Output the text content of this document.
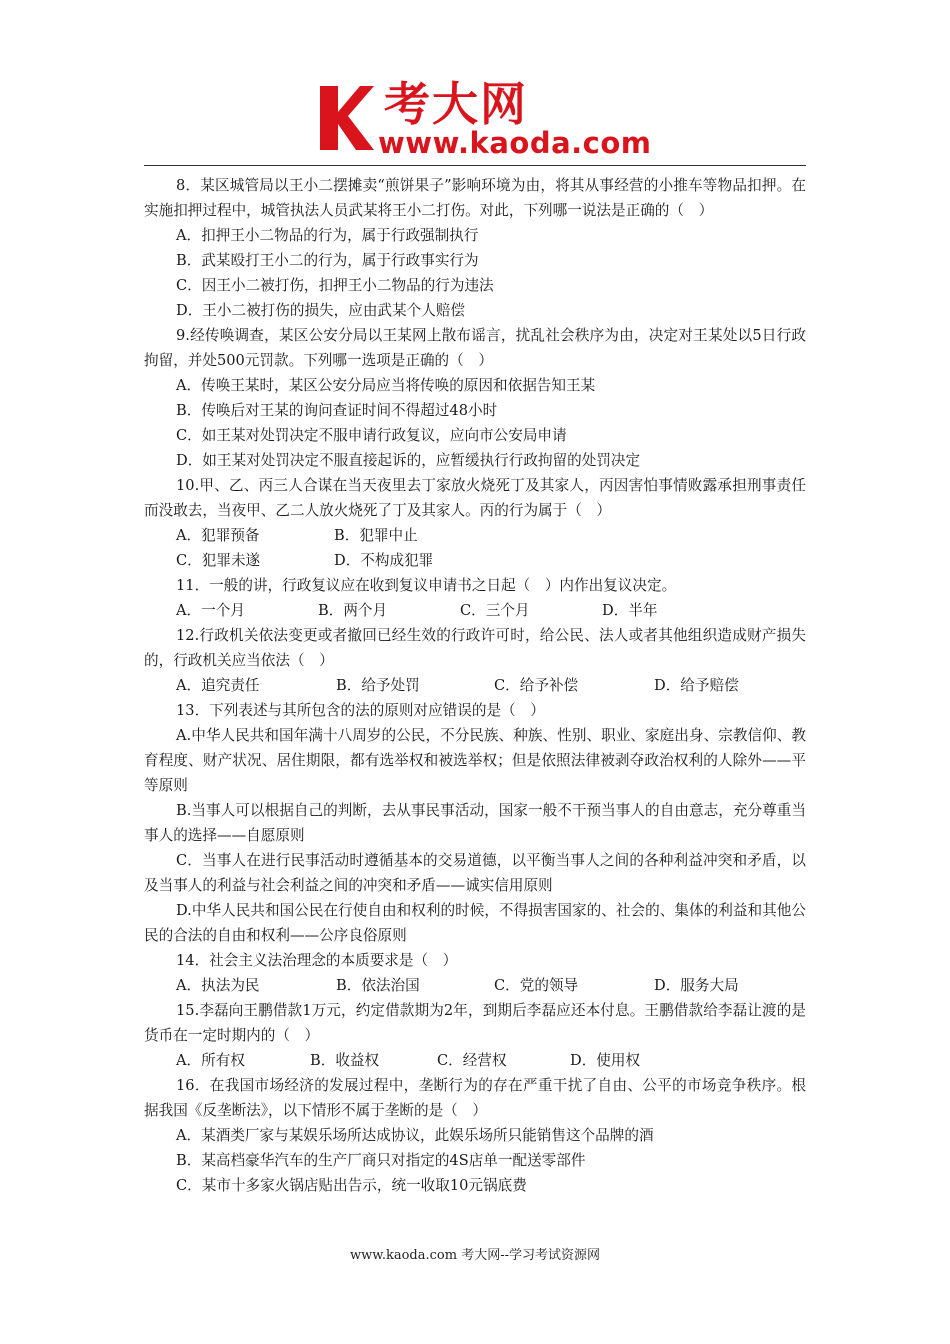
考大网
www.kaoda.com

8．某区城管局以王小二摆摊卖“煎饼果子”影响环境为由，将其从事经营的小推车等物品扣押。在实施扣押过程中，城管执法人员武某将王小二打伤。对此，下列哪一说法是正确的（　）

A．扣押王小二物品的行为，属于行政强制执行

B．武某殴打王小二的行为，属于行政事实行为

C．因王小二被打伤，扣押王小二物品的行为违法

D．王小二被打伤的损失，应由武某个人赔偿

9.经传唤调查，某区公安分局以王某网上散布谣言，扰乱社会秩序为由，决定对王某处以5日行政拘留，并处500元罚款。下列哪一选项是正确的（　）

A．传唤王某时，某区公安分局应当将传唤的原因和依据告知王某

B．传唤后对王某的询问查证时间不得超过48小时

C．如王某对处罚决定不服申请行政复议，应向市公安局申请

D．如王某对处罚决定不服直接起诉的，应暂缓执行行政拘留的处罚决定

10.甲、乙、丙三人合谋在当天夜里去丁家放火烧死丁及其家人，丙因害怕事情败露承担刑事责任而没敢去，当夜甲、乙二人放火烧死了丁及其家人。丙的行为属于（　）

A．犯罪预备	B．犯罪中止

C．犯罪未遂	D．不构成犯罪

11．一般的讲，行政复议应在收到复议申请书之日起（　）内作出复议决定。

A．一个月	B．两个月	C．三个月	D．半年

12.行政机关依法变更或者撤回已经生效的行政许可时，给公民、法人或者其他组织造成财产损失的，行政机关应当依法（　）

A．追究责任	B．给予处罚	C．给予补偿	D．给予赔偿

13．下列表述与其所包含的法的原则对应错误的是（　）

A.中华人民共和国年满十八周岁的公民，不分民族、种族、性别、职业、家庭出身、宗教信仰、教育程度、财产状况、居住期限，都有选举权和被选举权；但是依照法律被剥夺政治权利的人除外——平等原则

B.当事人可以根据自己的判断，去从事民事活动，国家一般不干预当事人的自由意志，充分尊重当事人的选择——自愿原则

C．当事人在进行民事活动时遵循基本的交易道德，以平衡当事人之间的各种利益冲突和矛盾，以及当事人的利益与社会利益之间的冲突和矛盾——诚实信用原则

D.中华人民共和国公民在行使自由和权利的时候，不得损害国家的、社会的、集体的利益和其他公民的合法的自由和权利——公序良俗原则

14．社会主义法治理念的本质要求是（　）

A．执法为民	B．依法治国	C．党的领导	D．服务大局

15.李磊向王鹏借款1万元，约定借款期为2年，到期后李磊应还本付息。王鹏借款给李磊让渡的是货币在一定时期内的（　）

A．所有权	B．收益权	C．经营权	D．使用权

16．在我国市场经济的发展过程中，垄断行为的存在严重干扰了自由、公平的市场竞争秩序。根据我国《反垄断法》，以下情形不属于垄断的是（　）

A．某酒类厂家与某娱乐场所达成协议，此娱乐场所只能销售这个品牌的酒

B．某高档豪华汽车的生产厂商只对指定的4S店单一配送零部件

C．某市十多家火锅店贴出告示，统一收取10元锅底费

www.kaoda.com 考大网--学习考试资源网
